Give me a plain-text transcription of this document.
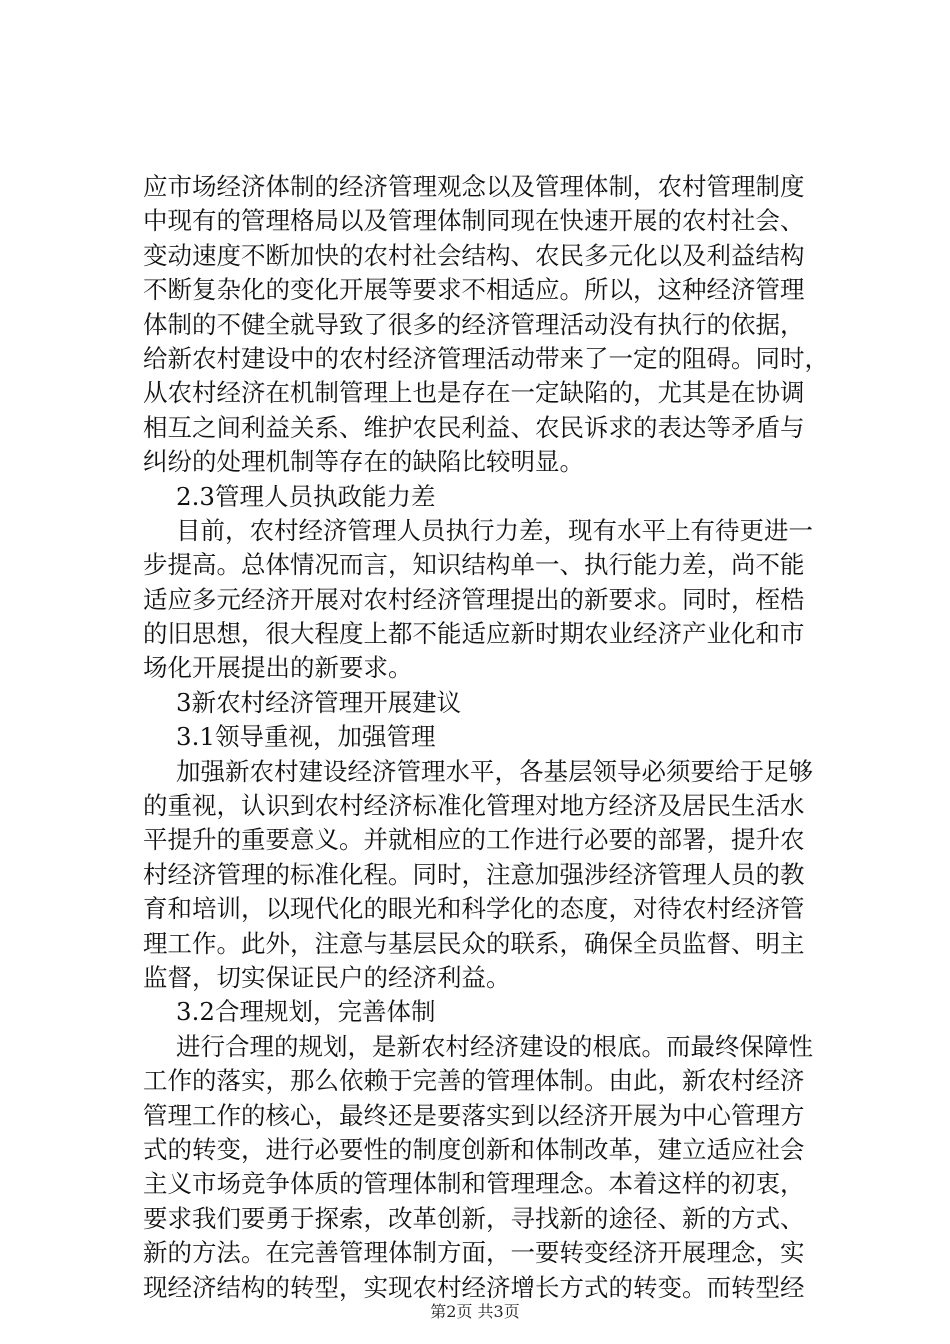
应市场经济体制的经济管理观念以及管理体制，农村管理制度
中现有的管理格局以及管理体制同现在快速开展的农村社会、
变动速度不断加快的农村社会结构、农民多元化以及利益结构
不断复杂化的变化开展等要求不相适应。所以，这种经济管理
体制的不健全就导致了很多的经济管理活动没有执行的依据，
给新农村建设中的农村经济管理活动带来了一定的阻碍。同时，
从农村经济在机制管理上也是存在一定缺陷的，尤其是在协调
相互之间利益关系、维护农民利益、农民诉求的表达等矛盾与
纠纷的处理机制等存在的缺陷比较明显。
2.3管理人员执政能力差
目前，农村经济管理人员执行力差，现有水平上有待更进一
步提高。总体情况而言，知识结构单一、执行能力差，尚不能
适应多元经济开展对农村经济管理提出的新要求。同时，桎梏
的旧思想，很大程度上都不能适应新时期农业经济产业化和市
场化开展提出的新要求。
3新农村经济管理开展建议
3.1领导重视，加强管理
加强新农村建设经济管理水平，各基层领导必须要给于足够
的重视，认识到农村经济标准化管理对地方经济及居民生活水
平提升的重要意义。并就相应的工作进行必要的部署，提升农
村经济管理的标准化程。同时，注意加强涉经济管理人员的教
育和培训，以现代化的眼光和科学化的态度，对待农村经济管
理工作。此外，注意与基层民众的联系，确保全员监督、明主
监督，切实保证民户的经济利益。
3.2合理规划，完善体制
进行合理的规划，是新农村经济建设的根底。而最终保障性
工作的落实，那么依赖于完善的管理体制。由此，新农村经济
管理工作的核心，最终还是要落实到以经济开展为中心管理方
式的转变，进行必要性的制度创新和体制改革，建立适应社会
主义市场竞争体质的管理体制和管理理念。本着这样的初衷，
要求我们要勇于探索，改革创新，寻找新的途径、新的方式、
新的方法。在完善管理体制方面，一要转变经济开展理念，实
现经济结构的转型，实现农村经济增长方式的转变。而转型经
第2页 共3页
